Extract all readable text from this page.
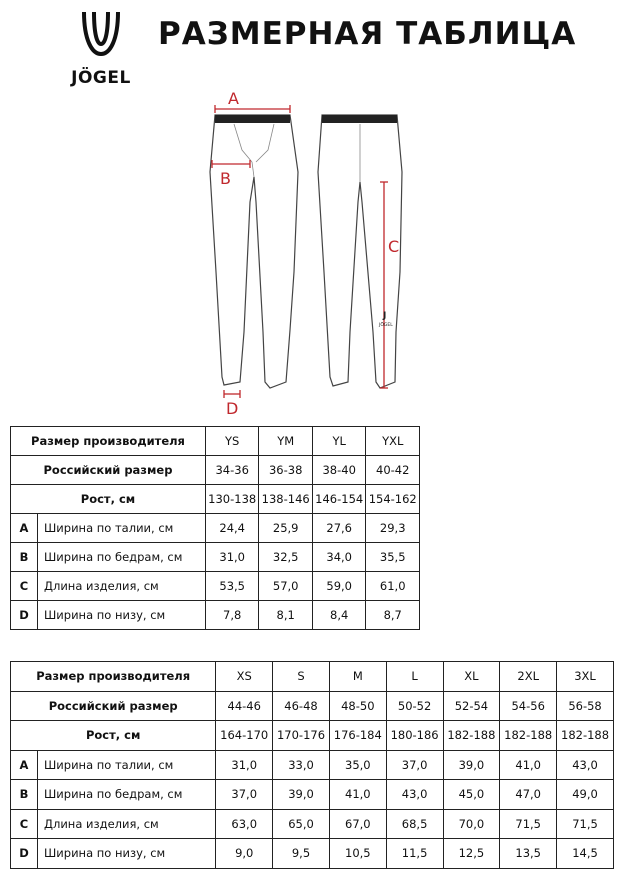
JÖGEL
РАЗМЕРНАЯ ТАБЛИЦА
A
B
C
D
J
JÖGEL
Размер производителя		YS	YM	YL	YXL
Российский размер		34-36	36-38	38-40	40-42
Рост, см		130-138	138-146	146-154	154-162
A	Ширина по талии, см	24,4	25,9	27,6	29,3
B	Ширина по бедрам, см	31,0	32,5	34,0	35,5
C	Длина изделия, см	53,5	57,0	59,0	61,0
D	Ширина по низу, см	7,8	8,1	8,4	8,7
Размер производителя		XS	S	M	L	XL	2XL	3XL
Российский размер		44-46	46-48	48-50	50-52	52-54	54-56	56-58
Рост, см		164-170	170-176	176-184	180-186	182-188	182-188	182-188
A	Ширина по талии, см	31,0	33,0	35,0	37,0	39,0	41,0	43,0
B	Ширина по бедрам, см	37,0	39,0	41,0	43,0	45,0	47,0	49,0
C	Длина изделия, см	63,0	65,0	67,0	68,5	70,0	71,5	71,5
D	Ширина по низу, см	9,0	9,5	10,5	11,5	12,5	13,5	14,5
